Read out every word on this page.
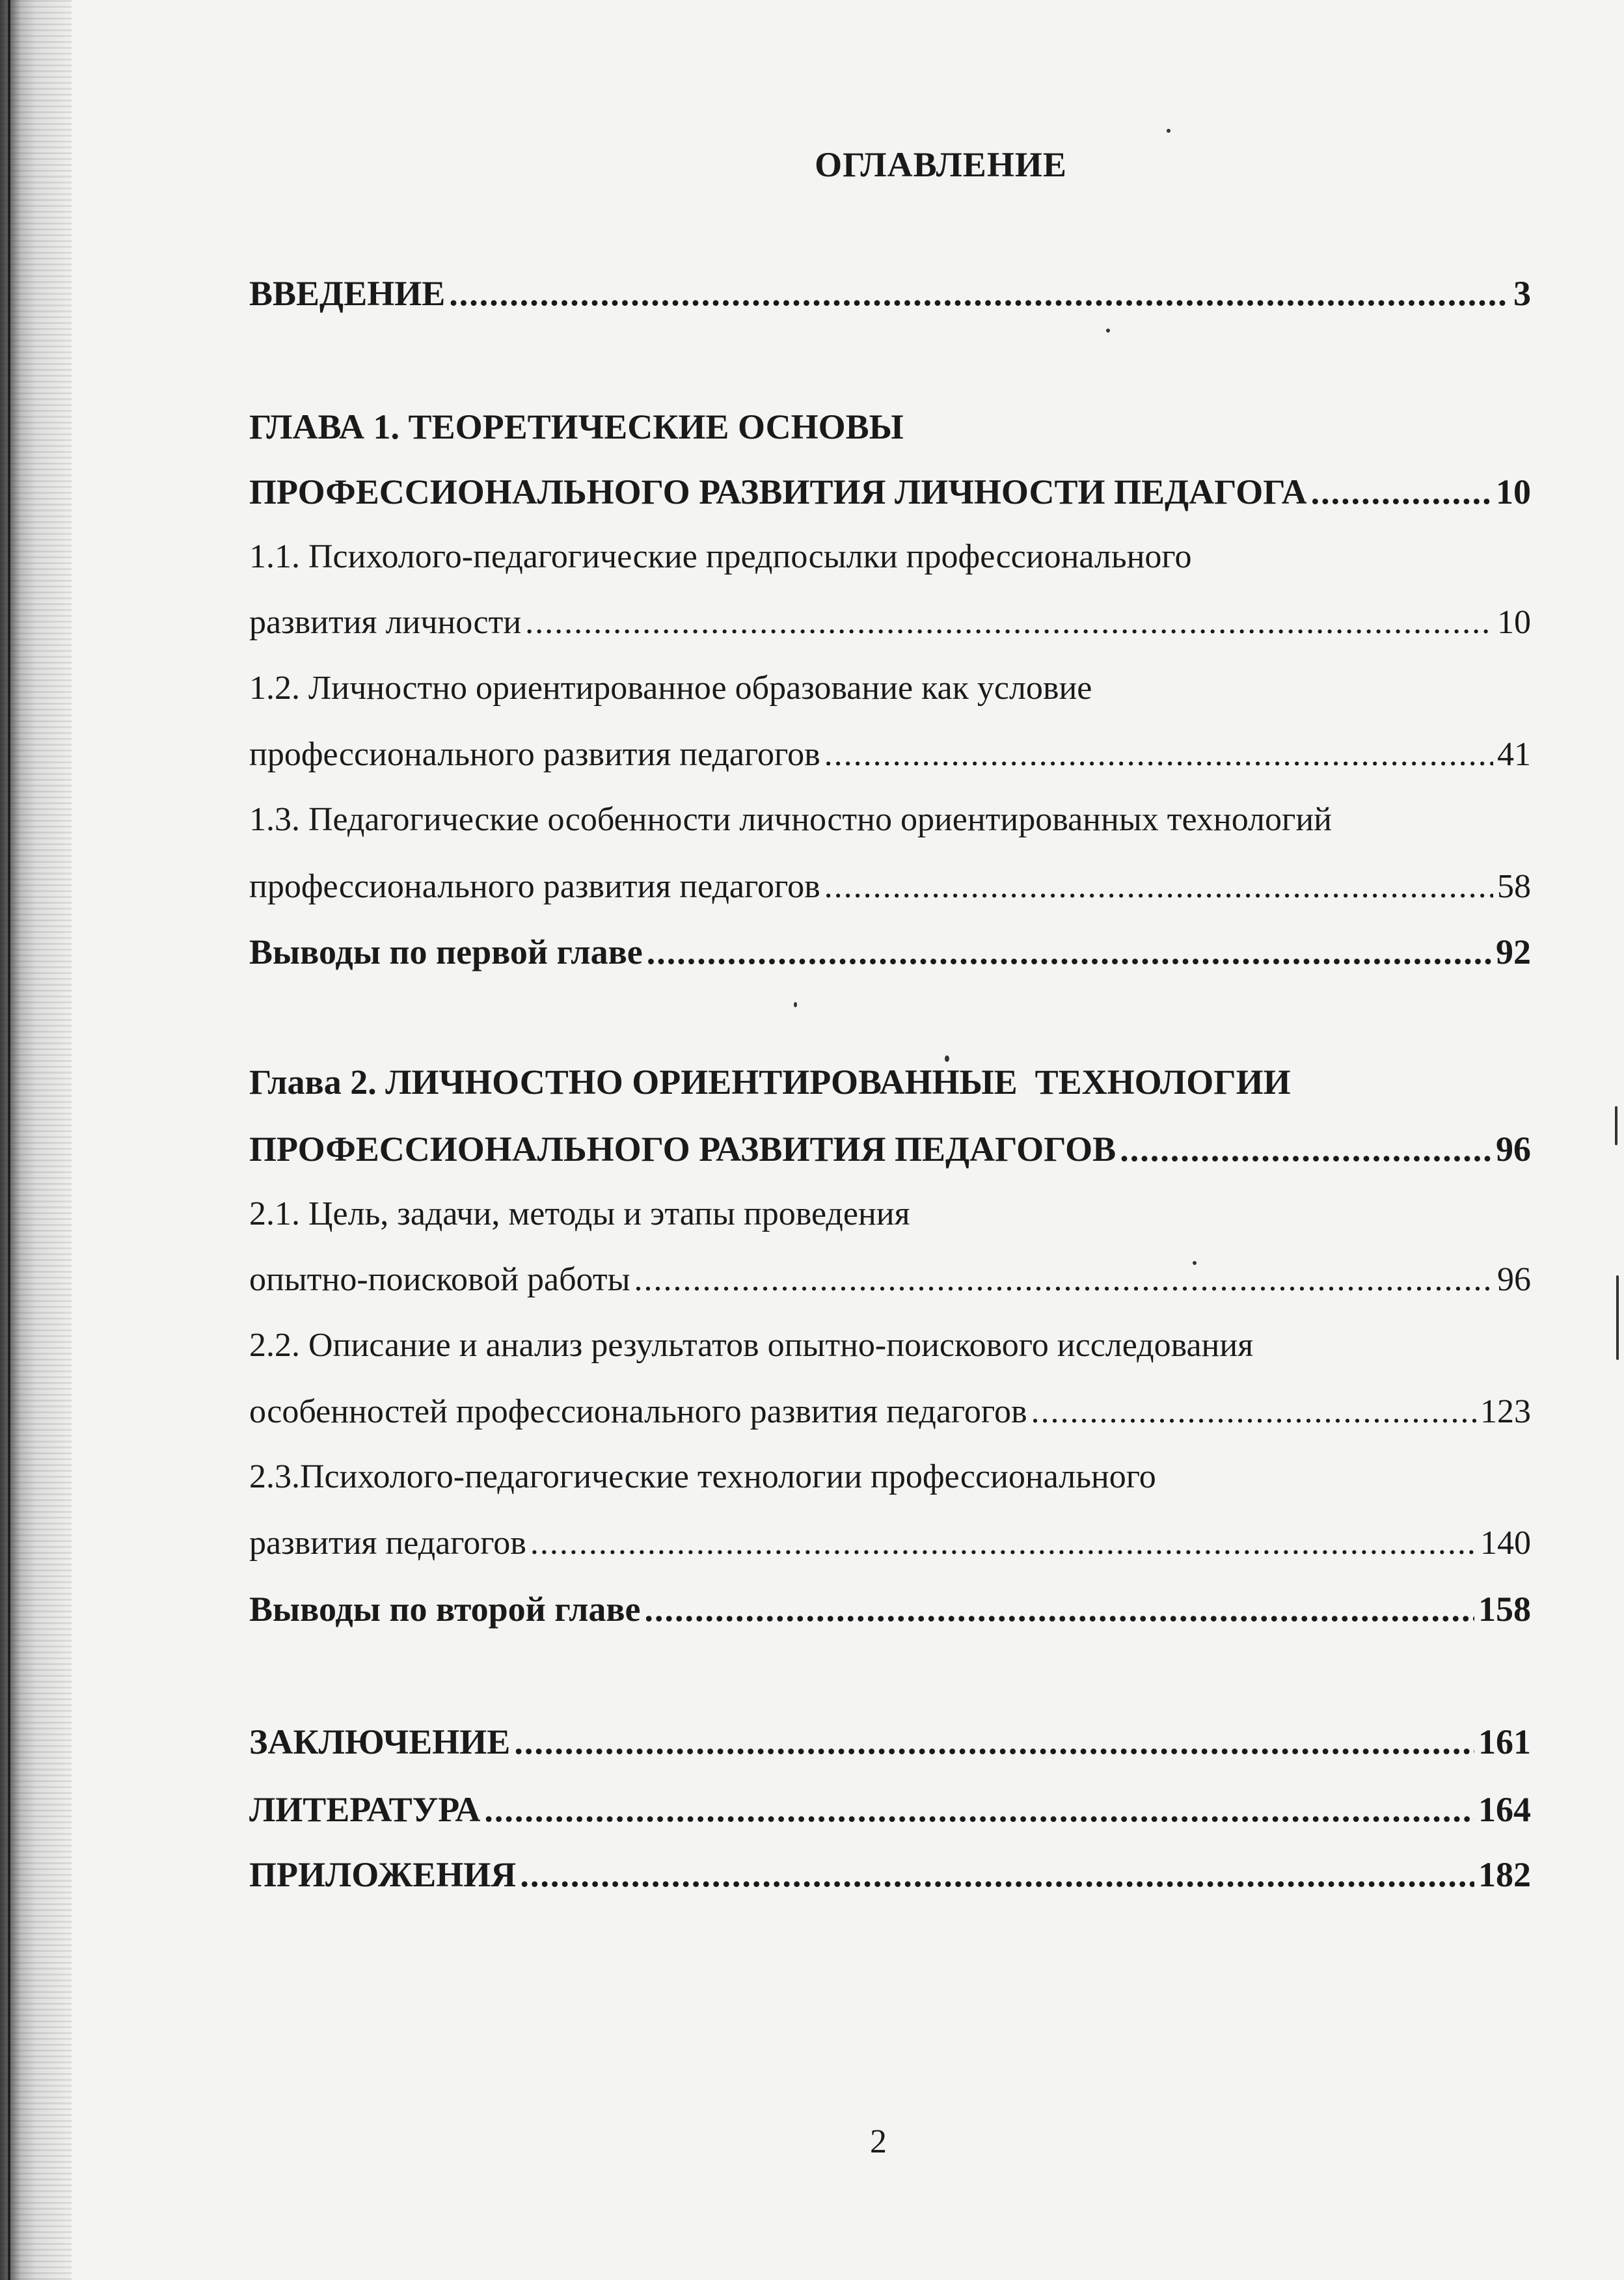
ОГЛАВЛЕНИЕ
ВВЕДЕНИЕ .....	3
ГЛАВА 1. ТЕОРЕТИЧЕСКИЕ ОСНОВЫ
ПРОФЕССИОНАЛЬНОГО РАЗВИТИЯ ЛИЧНОСТИ ПЕДАГОГА .....	10
1.1. Психолого-педагогические предпосылки профессионального
развития личности .....	10
1.2. Личностно ориентированное образование как условие
профессионального развития педагогов .....	41
1.3. Педагогические особенности личностно ориентированных технологий
профессионального развития педагогов .....	58
Выводы по первой главе .....	92
Глава 2. ЛИЧНОСТНО ОРИЕНТИРОВАННЫЕ  ТЕХНОЛОГИИ
ПРОФЕССИОНАЛЬНОГО РАЗВИТИЯ ПЕДАГОГОВ .....	96
2.1. Цель, задачи, методы и этапы проведения
опытно-поисковой работы .....	96
2.2. Описание и анализ результатов опытно-поискового исследования
особенностей профессионального развития педагогов .....	123
2.3.Психолого-педагогические технологии профессионального
развития педагогов .....	140
Выводы по второй главе .....	158
ЗАКЛЮЧЕНИЕ .....	161
ЛИТЕРАТУРА .....	164
ПРИЛОЖЕНИЯ .....	182
2
